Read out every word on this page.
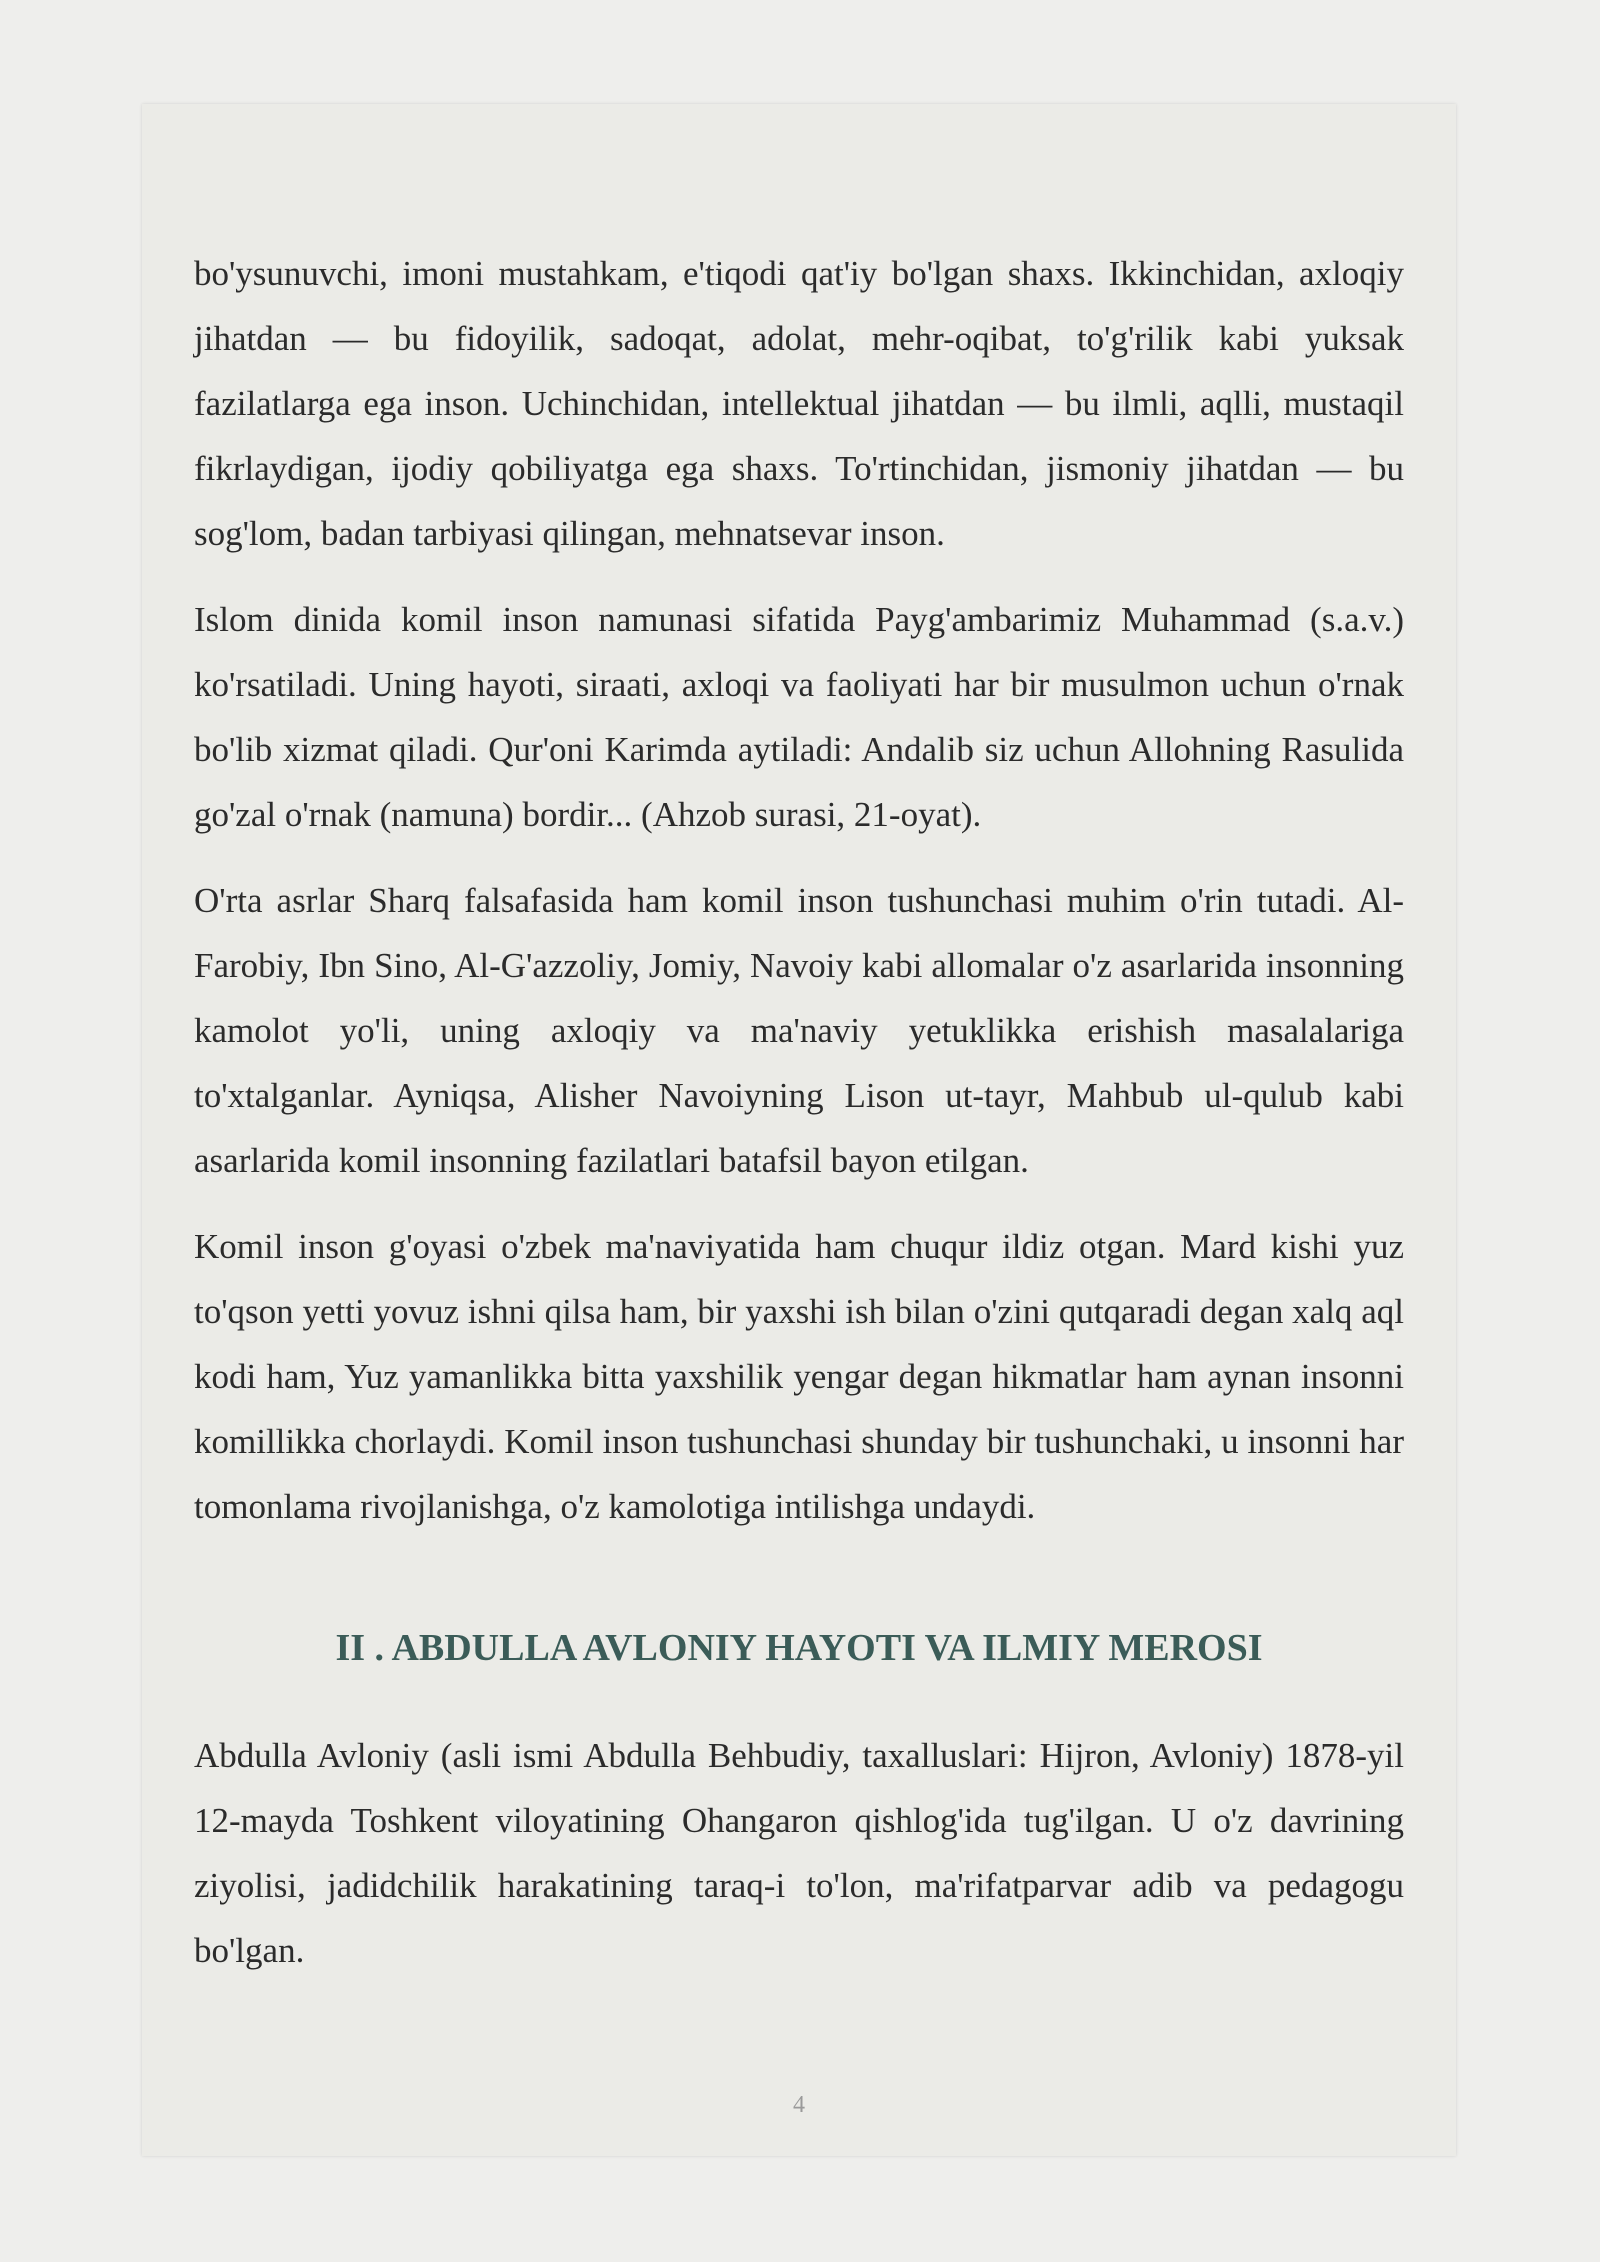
bo'ysunuvchi, imoni mustahkam, e'tiqodi qat'iy bo'lgan shaxs. Ikkinchidan, axloqiy jihatdan — bu fidoyilik, sadoqat, adolat, mehr-oqibat, to'g'rilik kabi yuksak fazilatlarga ega inson. Uchinchidan, intellektual jihatdan — bu ilmli, aqlli, mustaqil fikrlaydigan, ijodiy qobiliyatga ega shaxs. To'rtinchidan, jismoniy jihatdan — bu sog'lom, badan tarbiyasi qilingan, mehnatsevar inson.

Islom dinida komil inson namunasi sifatida Payg'ambarimiz Muhammad (s.a.v.) ko'rsatiladi. Uning hayoti, siraati, axloqi va faoliyati har bir musulmon uchun o'rnak bo'lib xizmat qiladi. Qur'oni Karimda aytiladi: Andalib siz uchun Allohning Rasulida go'zal o'rnak (namuna) bordir... (Ahzob surasi, 21-oyat).

O'rta asrlar Sharq falsafasida ham komil inson tushunchasi muhim o'rin tutadi. Al-Farobiy, Ibn Sino, Al-G'azzoliy, Jomiy, Navoiy kabi allomalar o'z asarlarida insonning kamolot yo'li, uning axloqiy va ma'naviy yetuklikka erishish masalalariga to'xtalganlar. Ayniqsa, Alisher Navoiyning Lison ut-tayr, Mahbub ul-qulub kabi asarlarida komil insonning fazilatlari batafsil bayon etilgan.

Komil inson g'oyasi o'zbek ma'naviyatida ham chuqur ildiz otgan. Mard kishi yuz to'qson yetti yovuz ishni qilsa ham, bir yaxshi ish bilan o'zini qutqaradi degan xalq aql kodi ham, Yuz yamanlikka bitta yaxshilik yengar degan hikmatlar ham aynan insonni komillikka chorlaydi. Komil inson tushunchasi shunday bir tushunchaki, u insonni har tomonlama rivojlanishga, o'z kamolotiga intilishga undaydi.

II . ABDULLA AVLONIY HAYOTI VA ILMIY MEROSI

Abdulla Avloniy (asli ismi Abdulla Behbudiy, taxalluslari: Hijron, Avloniy) 1878-yil 12-mayda Toshkent viloyatining Ohangaron qishlog'ida tug'ilgan. U o'z davrining ziyolisi, jadidchilik harakatining taraq-i to'lon, ma'rifatparvar adib va pedagogu bo'lgan.

4
